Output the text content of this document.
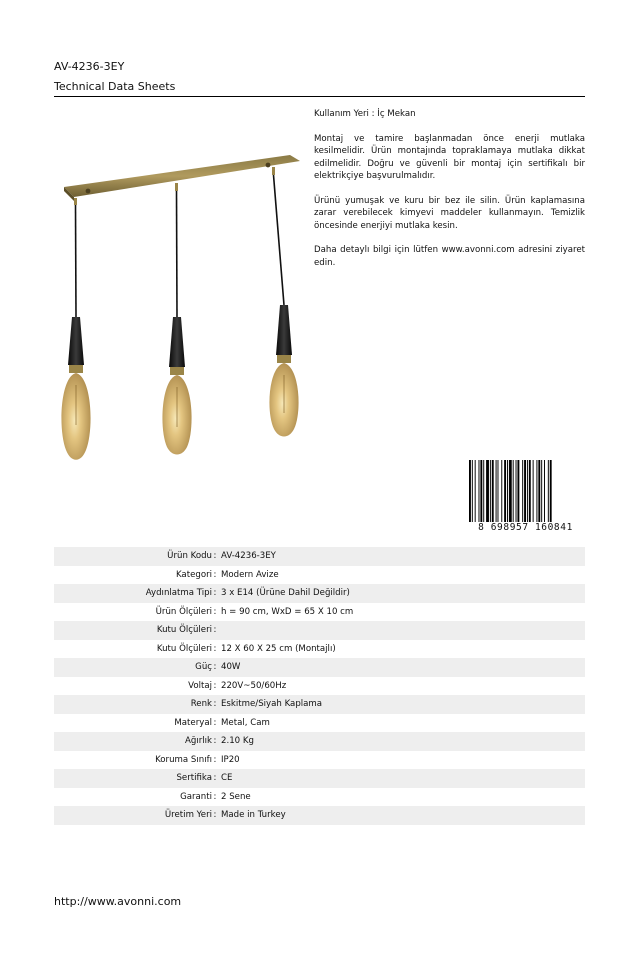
AV-4236-3EY
Technical Data Sheets

Kullanım Yeri : İç Mekan

Montaj ve tamire başlanmadan önce enerji mutlaka kesilmelidir. Ürün montajında topraklamaya mutlaka dikkat edilmelidir. Doğru ve güvenli bir montaj için sertifikalı bir elektrikçiye başvurulmalıdır.

Ürünü yumuşak ve kuru bir bez ile silin. Ürün kaplamasına zarar verebilecek kimyevi maddeler kullanmayın. Temizlik öncesinde enerjiyi mutlaka kesin.

Daha detaylı bilgi için lütfen www.avonni.com adresini ziyaret edin.

8 698957 160841
Ürün Kodu : AV-4236-3EY
Kategori : Modern Avize
Aydınlatma Tipi : 3 x E14 (Ürüne Dahil Değildir)
Ürün Ölçüleri : h = 90 cm, WxD = 65 X 10 cm
Kutu Ölçüleri :
Kutu Ölçüleri : 12 X 60 X 25 cm (Montajlı)
Güç : 40W
Voltaj : 220V~50/60Hz
Renk : Eskitme/Siyah Kaplama
Materyal : Metal, Cam
Ağırlık : 2.10 Kg
Koruma Sınıfı : IP20
Sertifika : CE
Garanti : 2 Sene
Üretim Yeri : Made in Turkey
http://www.avonni.com
